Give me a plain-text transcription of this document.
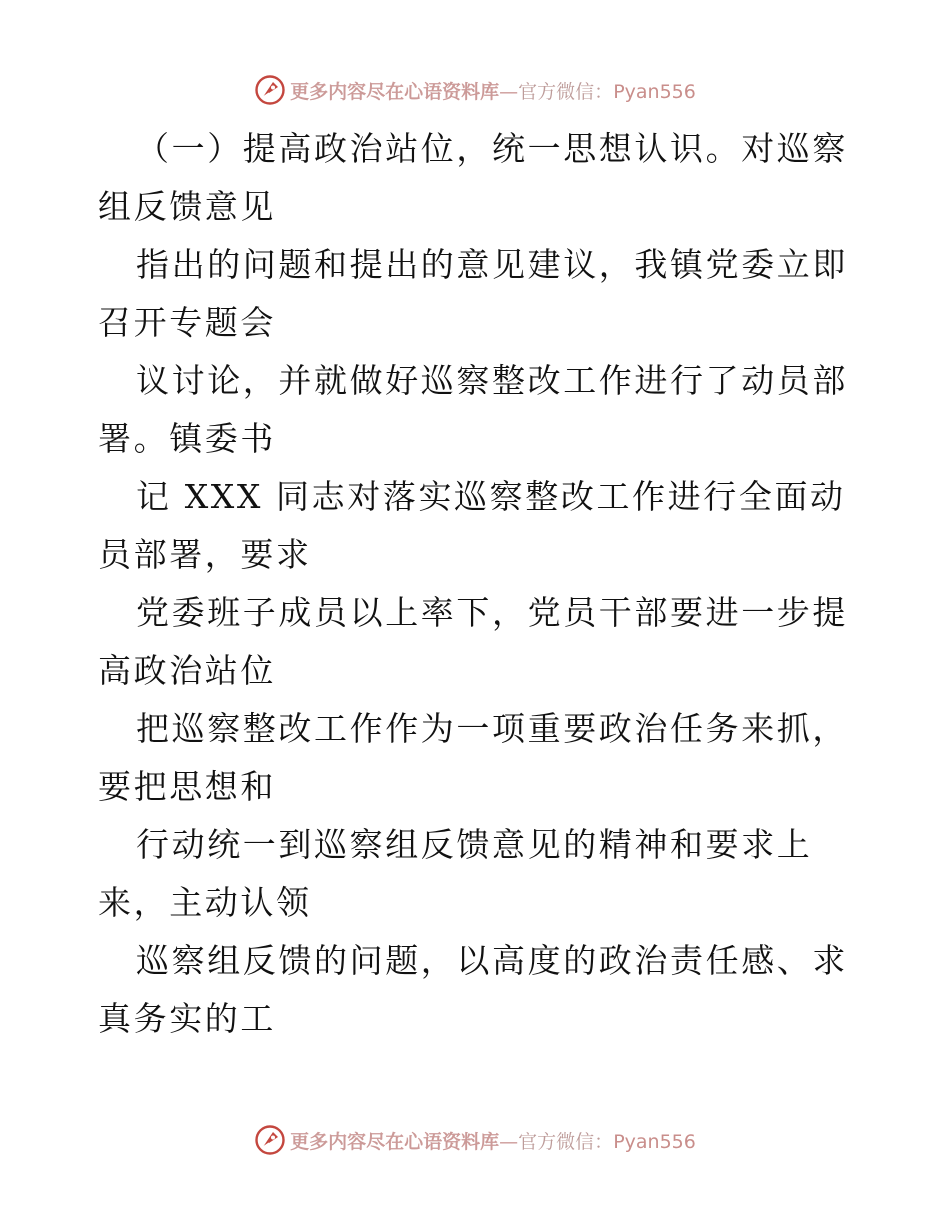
更多内容尽在心语资料库—官方微信：Pyan556

（一）提高政治站位，统一思想认识。对巡察组反馈意见

指出的问题和提出的意见建议，我镇党委立即召开专题会

议讨论，并就做好巡察整改工作进行了动员部署。镇委书

记 XXX 同志对落实巡察整改工作进行全面动员部署，要求

党委班子成员以上率下，党员干部要进一步提高政治站位

把巡察整改工作作为一项重要政治任务来抓，要把思想和

行动统一到巡察组反馈意见的精神和要求上来，主动认领

巡察组反馈的问题，以高度的政治责任感、求真务实的工

更多内容尽在心语资料库—官方微信：Pyan556
